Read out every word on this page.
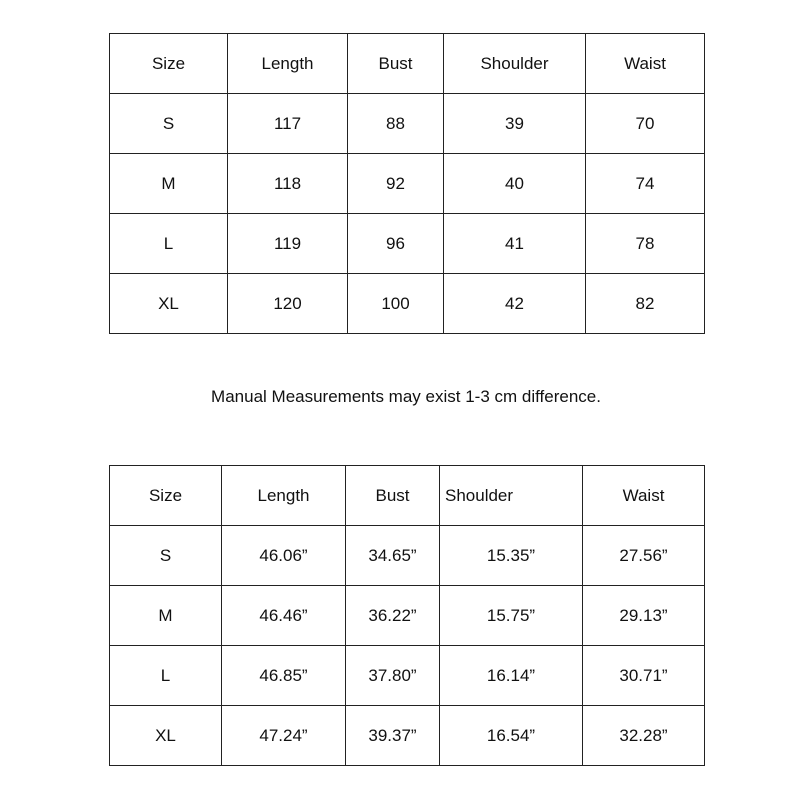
Size	Length	Bust	Shoulder	Waist
S	117	88	39	70
M	118	92	40	74
L	119	96	41	78
XL	120	100	42	82

Manual Measurements may exist 1-3 cm difference.

Size	Length	Bust	Shoulder	Waist
S	46.06”	34.65”	15.35”	27.56”
M	46.46”	36.22”	15.75”	29.13”
L	46.85”	37.80”	16.14”	30.71”
XL	47.24”	39.37”	16.54”	32.28”
